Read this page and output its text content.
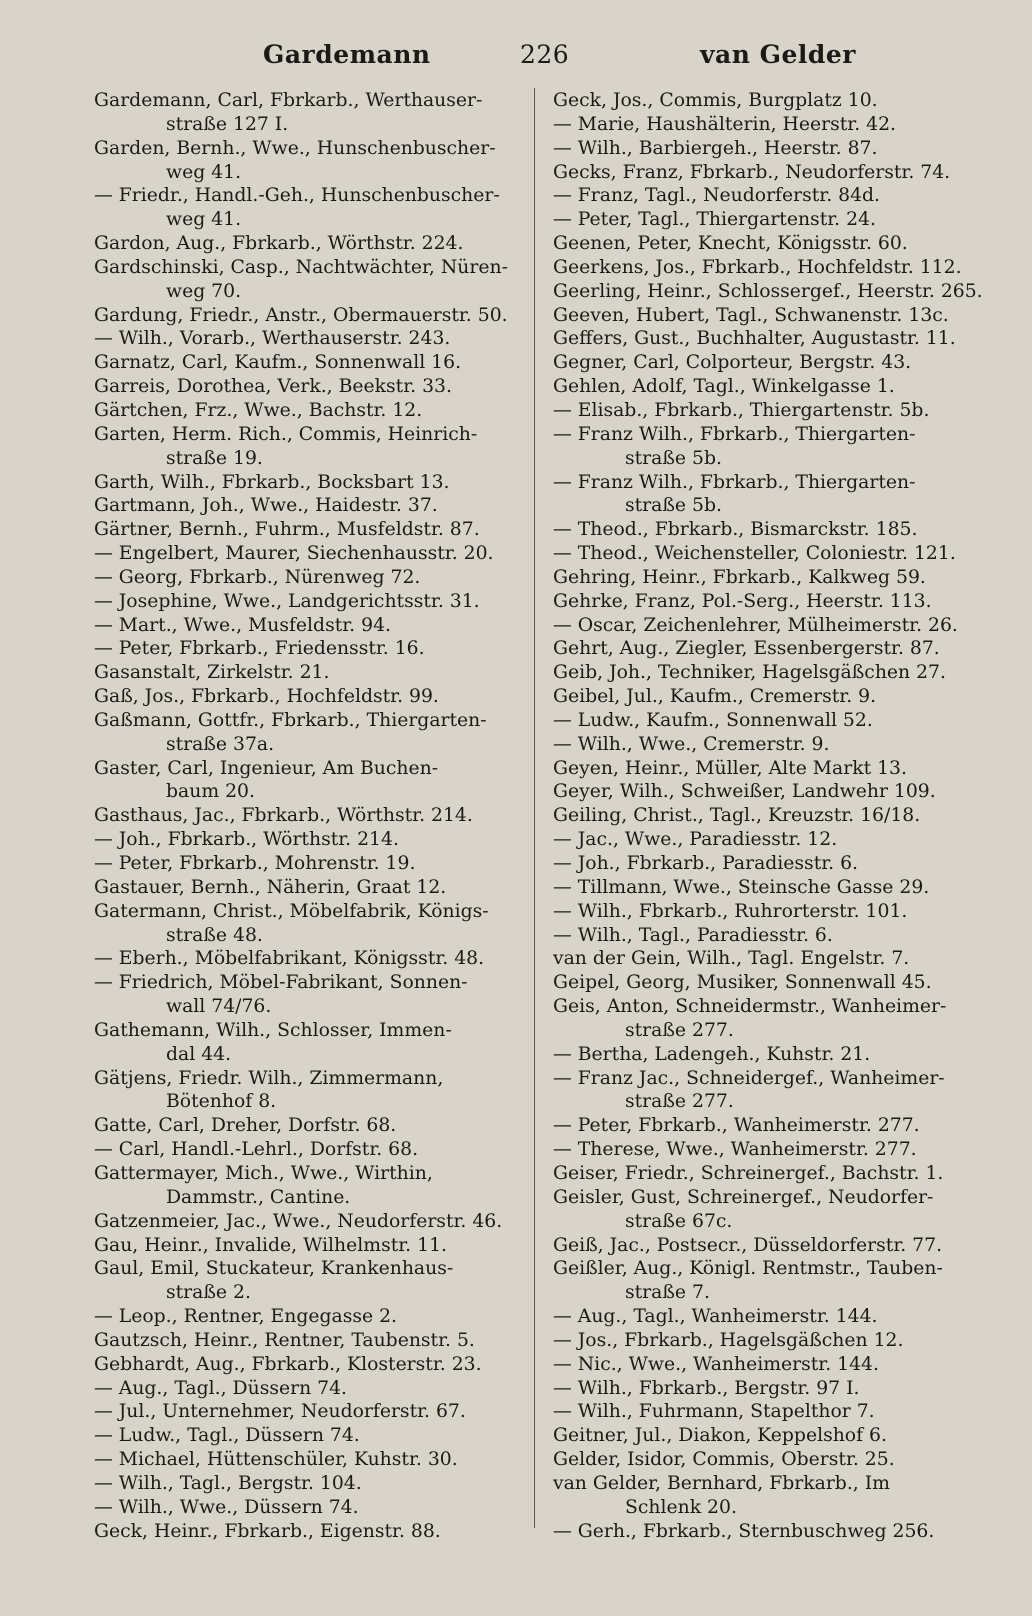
Gardemann	226	van Gelder
Gardemann, Carl, Fbrkarb., Werthauser-
straße 127 I.
Garden, Bernh., Wwe., Hunschenbuscher-
weg 41.
— Friedr., Handl.-Geh., Hunschenbuscher-
weg 41.
Gardon, Aug., Fbrkarb., Wörthstr. 224.
Gardschinski, Casp., Nachtwächter, Nüren-
weg 70.
Gardung, Friedr., Anstr., Obermauerstr. 50.
— Wilh., Vorarb., Werthauserstr. 243.
Garnatz, Carl, Kaufm., Sonnenwall 16.
Garreis, Dorothea, Verk., Beekstr. 33.
Gärtchen, Frz., Wwe., Bachstr. 12.
Garten, Herm. Rich., Commis, Heinrich-
straße 19.
Garth, Wilh., Fbrkarb., Bocksbart 13.
Gartmann, Joh., Wwe., Haidestr. 37.
Gärtner, Bernh., Fuhrm., Musfeldstr. 87.
— Engelbert, Maurer, Siechenhausstr. 20.
— Georg, Fbrkarb., Nürenweg 72.
— Josephine, Wwe., Landgerichtsstr. 31.
— Mart., Wwe., Musfeldstr. 94.
— Peter, Fbrkarb., Friedensstr. 16.
Gasanstalt, Zirkelstr. 21.
Gaß, Jos., Fbrkarb., Hochfeldstr. 99.
Gaßmann, Gottfr., Fbrkarb., Thiergarten-
straße 37a.
Gaster, Carl, Ingenieur, Am Buchen-
baum 20.
Gasthaus, Jac., Fbrkarb., Wörthstr. 214.
— Joh., Fbrkarb., Wörthstr. 214.
— Peter, Fbrkarb., Mohrenstr. 19.
Gastauer, Bernh., Näherin, Graat 12.
Gatermann, Christ., Möbelfabrik, Königs-
straße 48.
— Eberh., Möbelfabrikant, Königsstr. 48.
— Friedrich, Möbel-Fabrikant, Sonnen-
wall 74/76.
Gathemann, Wilh., Schlosser, Immen-
dal 44.
Gätjens, Friedr. Wilh., Zimmermann,
Bötenhof 8.
Gatte, Carl, Dreher, Dorfstr. 68.
— Carl, Handl.-Lehrl., Dorfstr. 68.
Gattermayer, Mich., Wwe., Wirthin,
Dammstr., Cantine.
Gatzenmeier, Jac., Wwe., Neudorferstr. 46.
Gau, Heinr., Invalide, Wilhelmstr. 11.
Gaul, Emil, Stuckateur, Krankenhaus-
straße 2.
— Leop., Rentner, Engegasse 2.
Gautzsch, Heinr., Rentner, Taubenstr. 5.
Gebhardt, Aug., Fbrkarb., Klosterstr. 23.
— Aug., Tagl., Düssern 74.
— Jul., Unternehmer, Neudorferstr. 67.
— Ludw., Tagl., Düssern 74.
— Michael, Hüttenschüler, Kuhstr. 30.
— Wilh., Tagl., Bergstr. 104.
— Wilh., Wwe., Düssern 74.
Geck, Heinr., Fbrkarb., Eigenstr. 88.
Geck, Jos., Commis, Burgplatz 10.
— Marie, Haushälterin, Heerstr. 42.
— Wilh., Barbiergeh., Heerstr. 87.
Gecks, Franz, Fbrkarb., Neudorferstr. 74.
— Franz, Tagl., Neudorferstr. 84d.
— Peter, Tagl., Thiergartenstr. 24.
Geenen, Peter, Knecht, Königsstr. 60.
Geerkens, Jos., Fbrkarb., Hochfeldstr. 112.
Geerling, Heinr., Schlossergef., Heerstr. 265.
Geeven, Hubert, Tagl., Schwanenstr. 13c.
Geffers, Gust., Buchhalter, Augustastr. 11.
Gegner, Carl, Colporteur, Bergstr. 43.
Gehlen, Adolf, Tagl., Winkelgasse 1.
— Elisab., Fbrkarb., Thiergartenstr. 5b.
— Franz Wilh., Fbrkarb., Thiergarten-
straße 5b.
— Franz Wilh., Fbrkarb., Thiergarten-
straße 5b.
— Theod., Fbrkarb., Bismarckstr. 185.
— Theod., Weichensteller, Coloniestr. 121.
Gehring, Heinr., Fbrkarb., Kalkweg 59.
Gehrke, Franz, Pol.-Serg., Heerstr. 113.
— Oscar, Zeichenlehrer, Mülheimerstr. 26.
Gehrt, Aug., Ziegler, Essenbergerstr. 87.
Geib, Joh., Techniker, Hagelsgäßchen 27.
Geibel, Jul., Kaufm., Cremerstr. 9.
— Ludw., Kaufm., Sonnenwall 52.
— Wilh., Wwe., Cremerstr. 9.
Geyen, Heinr., Müller, Alte Markt 13.
Geyer, Wilh., Schweißer, Landwehr 109.
Geiling, Christ., Tagl., Kreuzstr. 16/18.
— Jac., Wwe., Paradiesstr. 12.
— Joh., Fbrkarb., Paradiesstr. 6.
— Tillmann, Wwe., Steinsche Gasse 29.
— Wilh., Fbrkarb., Ruhrorterstr. 101.
— Wilh., Tagl., Paradiesstr. 6.
van der Gein, Wilh., Tagl. Engelstr. 7.
Geipel, Georg, Musiker, Sonnenwall 45.
Geis, Anton, Schneidermstr., Wanheimer-
straße 277.
— Bertha, Ladengeh., Kuhstr. 21.
— Franz Jac., Schneidergef., Wanheimer-
straße 277.
— Peter, Fbrkarb., Wanheimerstr. 277.
— Therese, Wwe., Wanheimerstr. 277.
Geiser, Friedr., Schreinergef., Bachstr. 1.
Geisler, Gust, Schreinergef., Neudorfer-
straße 67c.
Geiß, Jac., Postsecr., Düsseldorferstr. 77.
Geißler, Aug., Königl. Rentmstr., Tauben-
straße 7.
— Aug., Tagl., Wanheimerstr. 144.
— Jos., Fbrkarb., Hagelsgäßchen 12.
— Nic., Wwe., Wanheimerstr. 144.
— Wilh., Fbrkarb., Bergstr. 97 I.
— Wilh., Fuhrmann, Stapelthor 7.
Geitner, Jul., Diakon, Keppelshof 6.
Gelder, Isidor, Commis, Oberstr. 25.
van Gelder, Bernhard, Fbrkarb., Im
Schlenk 20.
— Gerh., Fbrkarb., Sternbuschweg 256.
